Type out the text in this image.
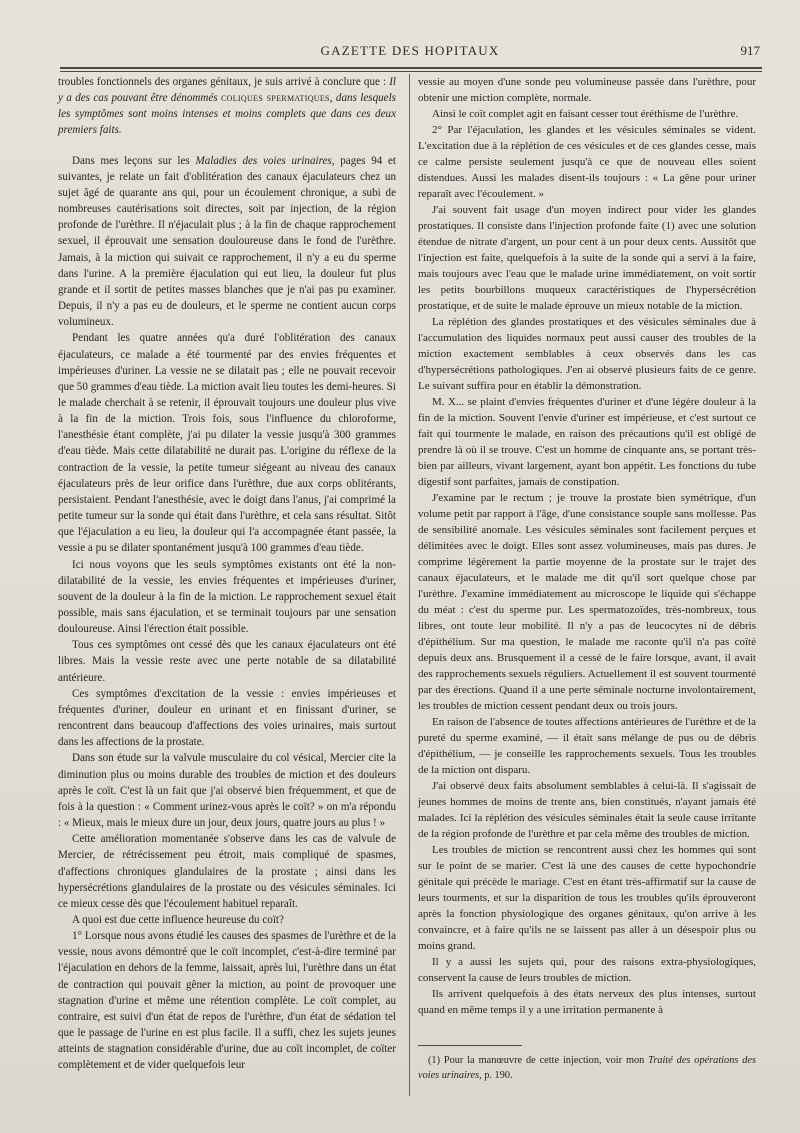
GAZETTE DES HOPITAUX	917

troubles fonctionnels des organes génitaux, je suis arrivé à conclure que : Il y a des cas pouvant être dénommés coliques spermatiques, dans lesquels les symptômes sont moins intenses et moins complets que dans ces deux premiers faits.

Dans mes leçons sur les Maladies des voies urinaires, pages 94 et suivantes, je relate un fait d'oblitération des canaux éjaculateurs chez un sujet âgé de quarante ans qui, pour un écoulement chronique, a subi de nombreuses cautérisations soit directes, soit par injection, de la région profonde de l'urèthre. Il n'éjaculait plus ; à la fin de chaque rapprochement sexuel, il éprouvait une sensation douloureuse dans le fond de l'urèthre. Jamais, à la miction qui suivait ce rapprochement, il n'y a eu du sperme dans l'urine. A la première éjaculation qui eut lieu, la douleur fut plus grande et il sortit de petites masses blanches que je n'ai pas pu examiner. Depuis, il n'y a pas eu de douleurs, et le sperme ne contient aucun corps volumineux.

Pendant les quatre années qu'a duré l'oblitération des canaux éjaculateurs, ce malade a été tourmenté par des envies fréquentes et impérieuses d'uriner. La vessie ne se dilatait pas ; elle ne pouvait recevoir que 50 grammes d'eau tiède. La miction avait lieu toutes les demi-heures. Si le malade cherchait à se retenir, il éprouvait toujours une douleur plus vive à la fin de la miction. Trois fois, sous l'influence du chloroforme, l'anesthésie étant complète, j'ai pu dilater la vessie jusqu'à 300 grammes d'eau tiède. Mais cette dilatabilité ne durait pas. L'origine du réflexe de la contraction de la vessie, la petite tumeur siégeant au niveau des canaux éjaculateurs près de leur orifice dans l'urèthre, due aux corps oblitérants, persistaient. Pendant l'anesthésie, avec le doigt dans l'anus, j'ai comprimé la petite tumeur sur la sonde qui était dans l'urèthre, et cela sans résultat. Sitôt que l'éjaculation a eu lieu, la douleur qui l'a accompagnée étant passée, la vessie a pu se dilater spontanément jusqu'à 100 grammes d'eau tiède.

Ici nous voyons que les seuls symptômes existants ont été la non-dilatabilité de la vessie, les envies fréquentes et impérieuses d'uriner, souvent de la douleur à la fin de la miction. Le rapprochement sexuel était possible, mais sans éjaculation, et se terminait toujours par une sensation douloureuse. Ainsi l'érection était possible.

Tous ces symptômes ont cessé dès que les canaux éjaculateurs ont été libres. Mais la vessie reste avec une perte notable de sa dilatabilité antérieure.

Ces symptômes d'excitation de la vessie : envies impérieuses et fréquentes d'uriner, douleur en urinant et en finissant d'uriner, se rencontrent dans beaucoup d'affections des voies urinaires, mais surtout dans les affections de la prostate.

Dans son étude sur la valvule musculaire du col vésical, Mercier cite la diminution plus ou moins durable des troubles de miction et des douleurs après le coït. C'est là un fait que j'ai observé bien fréquemment, et que de fois à la question : « Comment urinez-vous après le coït? » on m'a répondu : « Mieux, mais le mieux dure un jour, deux jours, quatre jours au plus ! »

Cette amélioration momentanée s'observe dans les cas de valvule de Mercier, de rétrécissement peu étroit, mais compliqué de spasmes, d'affections chroniques glandulaires de la prostate ; ainsi dans les hypersécrétions glandulaires de la prostate ou des vésicules séminales. Ici ce mieux cesse dès que l'écoulement habituel reparaît.

A quoi est due cette influence heureuse du coït?

1° Lorsque nous avons étudié les causes des spasmes de l'urèthre et de la vessie, nous avons démontré que le coït incomplet, c'est-à-dire terminé par l'éjaculation en dehors de la femme, laissait, après lui, l'urèthre dans un état de contraction qui pouvait gêner la miction, au point de provoquer une stagnation d'urine et même une rétention complète. Le coït complet, au contraire, est suivi d'un état de repos de l'urèthre, d'un état de sédation tel que le passage de l'urine en est plus facile. Il a suffi, chez les sujets jeunes atteints de stagnation considérable d'urine, due au coït incomplet, de coïter complètement et de vider quelquefois leur

vessie au moyen d'une sonde peu volumineuse passée dans l'urèthre, pour obtenir une miction complète, normale.

Ainsi le coït complet agit en faisant cesser tout éréthisme de l'urèthre.

2° Par l'éjaculation, les glandes et les vésicules séminales se vident. L'excitation due à la réplétion de ces vésicules et de ces glandes cesse, mais ce calme persiste seulement jusqu'à ce que de nouveau elles soient distendues. Aussi les malades disent-ils toujours : « La gêne pour uriner reparaît avec l'écoulement. »

J'ai souvent fait usage d'un moyen indirect pour vider les glandes prostatiques. Il consiste dans l'injection profonde faite (1) avec une solution étendue de nitrate d'argent, un pour cent à un pour deux cents. Aussitôt que l'injection est faite, quelquefois à la suite de la sonde qui a servi à la faire, mais toujours avec l'eau que le malade urine immédiatement, on voit sortir les petits bourbillons muqueux caractéristiques de l'hypersécrétion prostatique, et de suite le malade éprouve un mieux notable de la miction.

La réplétion des glandes prostatiques et des vésicules séminales due à l'accumulation des liquides normaux peut aussi causer des troubles de la miction exactement semblables à ceux observés dans les cas d'hypersécrétions pathologiques. J'en ai observé plusieurs faits de ce genre. Le suivant suffira pour en établir la démonstration.

M. X... se plaint d'envies fréquentes d'uriner et d'une légère douleur à la fin de la miction. Souvent l'envie d'uriner est impérieuse, et c'est surtout ce fait qui tourmente le malade, en raison des précautions qu'il est obligé de prendre là où il se trouve. C'est un homme de cinquante ans, se portant très-bien par ailleurs, vivant largement, ayant bon appétit. Les fonctions du tube digestif sont parfaites, jamais de constipation.

J'examine par le rectum ; je trouve la prostate bien symétrique, d'un volume petit par rapport à l'âge, d'une consistance souple sans mollesse. Pas de sensibilité anomale. Les vésicules séminales sont facilement perçues et délimitées avec le doigt. Elles sont assez volumineuses, mais pas dures. Je comprime légèrement la partie moyenne de la prostate sur le trajet des canaux éjaculateurs, et le malade me dit qu'il sort quelque chose par l'urèthre. J'examine immédiatement au microscope le liquide qui s'échappe du méat : c'est du sperme pur. Les spermatozoïdes, très-nombreux, tous libres, ont toute leur mobilité. Il n'y a pas de leucocytes ni de débris d'épithélium. Sur ma question, le malade me raconte qu'il n'a pas coïté depuis deux ans. Brusquement il a cessé de le faire lorsque, avant, il avait des rapprochements sexuels réguliers. Actuellement il est souvent tourmenté par des érections. Quand il a une perte séminale nocturne involontairement, les troubles de miction cessent pendant deux ou trois jours.

En raison de l'absence de toutes affections antérieures de l'urèthre et de la pureté du sperme examiné, — il était sans mélange de pus ou de débris d'épithélium, — je conseille les rapprochements sexuels. Tous les troubles de la miction ont disparu.

J'ai observé deux faits absolument semblables à celui-là. Il s'agissait de jeunes hommes de moins de trente ans, bien constitués, n'ayant jamais été malades. Ici la réplétion des vésicules séminales était la seule cause irritante de la région profonde de l'urèthre et par cela même des troubles de miction.

Les troubles de miction se rencontrent aussi chez les hommes qui sont sur le point de se marier. C'est là une des causes de cette hypochondrie génitale qui précède le mariage. C'est en étant très-affirmatif sur la cause de leurs tourments, et sur la disparition de tous les troubles qu'ils éprouveront après la fonction physiologique des organes génitaux, qu'on arrive à les convaincre, et à faire qu'ils ne se laissent pas aller à un désespoir plus ou moins grand.

Il y a aussi les sujets qui, pour des raisons extra-physiologiques, conservent la cause de leurs troubles de miction.

Ils arrivent quelquefois à des états nerveux des plus intenses, surtout quand en même temps il y a une irritation permanente à

(1) Pour la manœuvre de cette injection, voir mon Traité des opérations des voies urinaires, p. 190.
